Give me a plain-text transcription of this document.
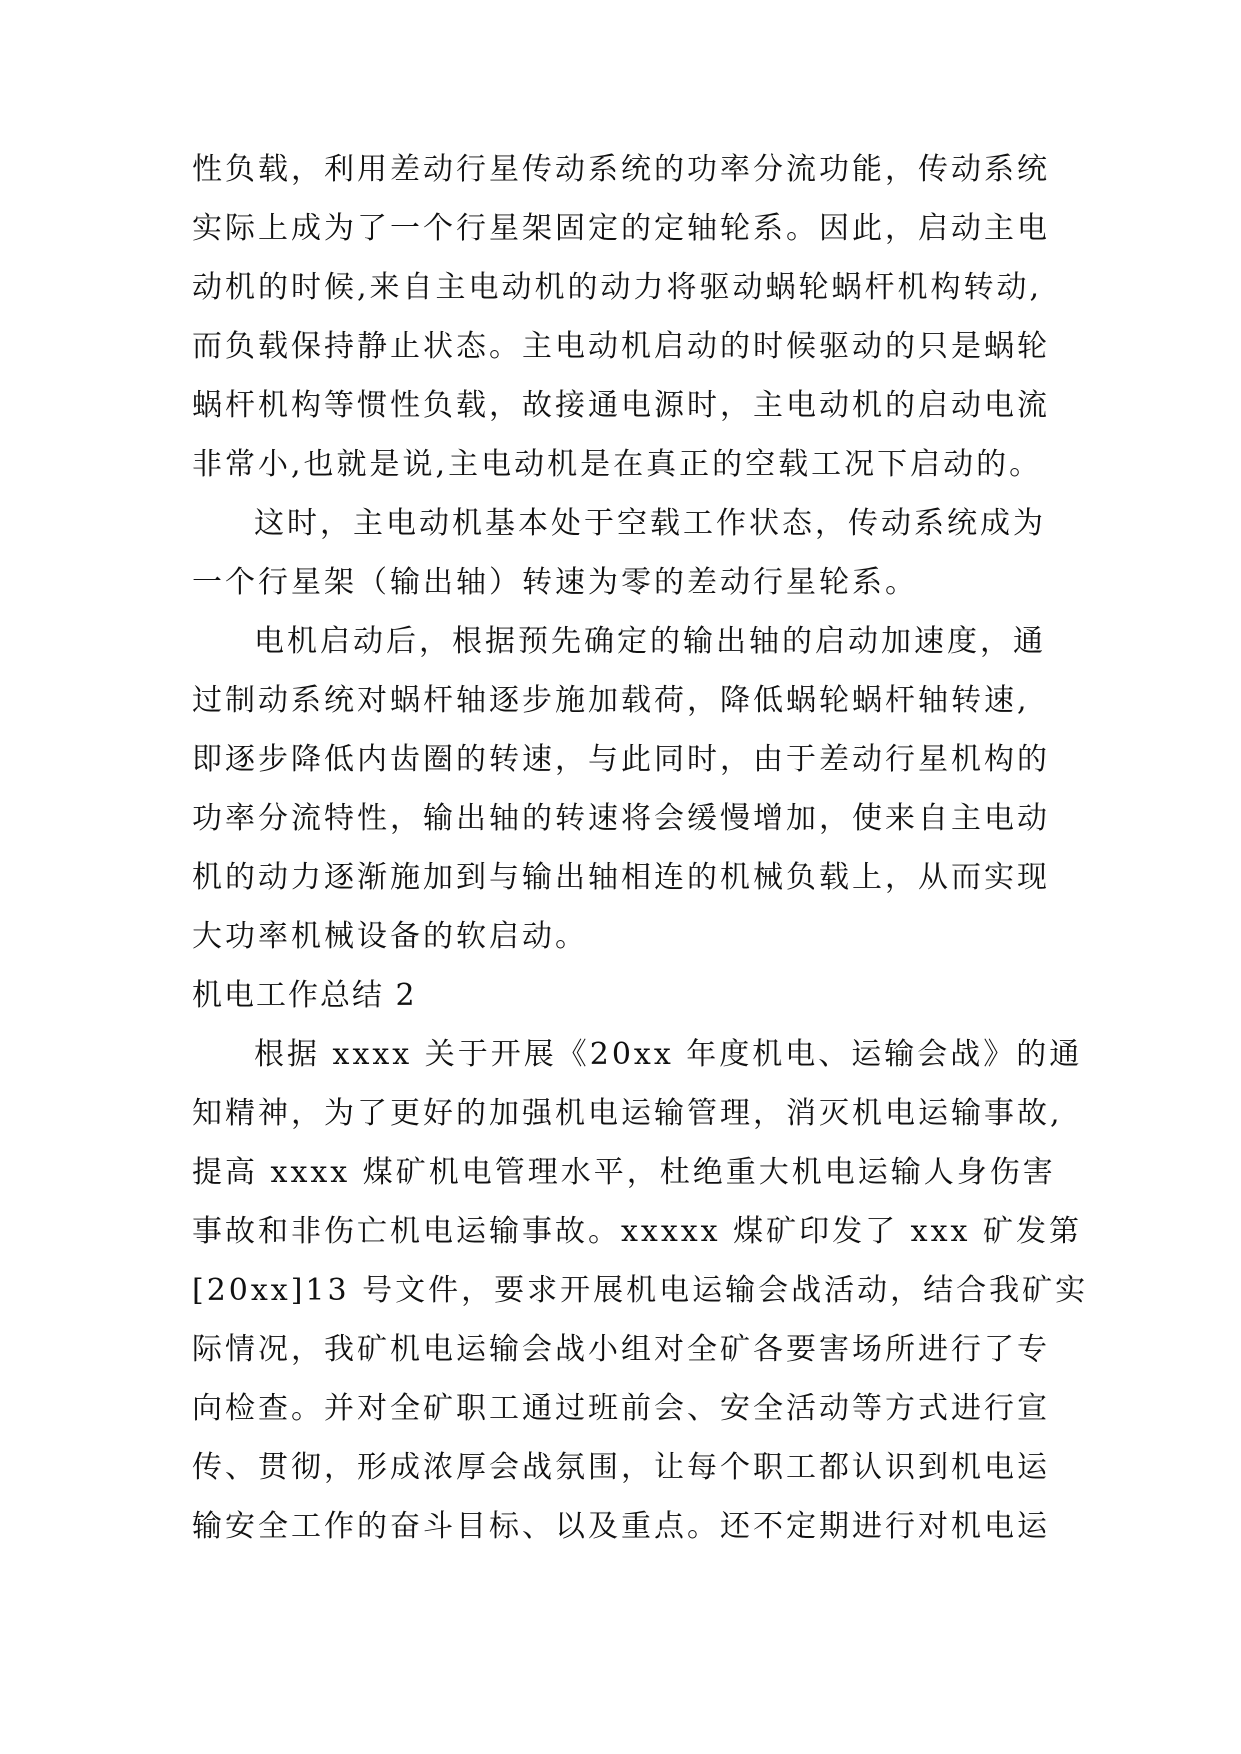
性负载，利用差动行星传动系统的功率分流功能，传动系统
实际上成为了一个行星架固定的定轴轮系。因此，启动主电
动机的时候,来自主电动机的动力将驱动蜗轮蜗杆机构转动,
而负载保持静止状态。主电动机启动的时候驱动的只是蜗轮
蜗杆机构等惯性负载，故接通电源时，主电动机的启动电流
非常小,也就是说,主电动机是在真正的空载工况下启动的。
这时，主电动机基本处于空载工作状态，传动系统成为
一个行星架（输出轴）转速为零的差动行星轮系。
电机启动后，根据预先确定的输出轴的启动加速度，通
过制动系统对蜗杆轴逐步施加载荷，降低蜗轮蜗杆轴转速,
即逐步降低内齿圈的转速，与此同时，由于差动行星机构的
功率分流特性，输出轴的转速将会缓慢增加，使来自主电动
机的动力逐渐施加到与输出轴相连的机械负载上，从而实现
大功率机械设备的软启动。
机电工作总结 2
根据 xxxx 关于开展《20xx 年度机电、运输会战》的通
知精神，为了更好的加强机电运输管理，消灭机电运输事故,
提高 xxxx 煤矿机电管理水平，杜绝重大机电运输人身伤害
事故和非伤亡机电运输事故。xxxxx 煤矿印发了 xxx 矿发第
[20xx]13 号文件，要求开展机电运输会战活动，结合我矿实
际情况，我矿机电运输会战小组对全矿各要害场所进行了专
向检查。并对全矿职工通过班前会、安全活动等方式进行宣
传、贯彻，形成浓厚会战氛围，让每个职工都认识到机电运
输安全工作的奋斗目标、以及重点。还不定期进行对机电运
